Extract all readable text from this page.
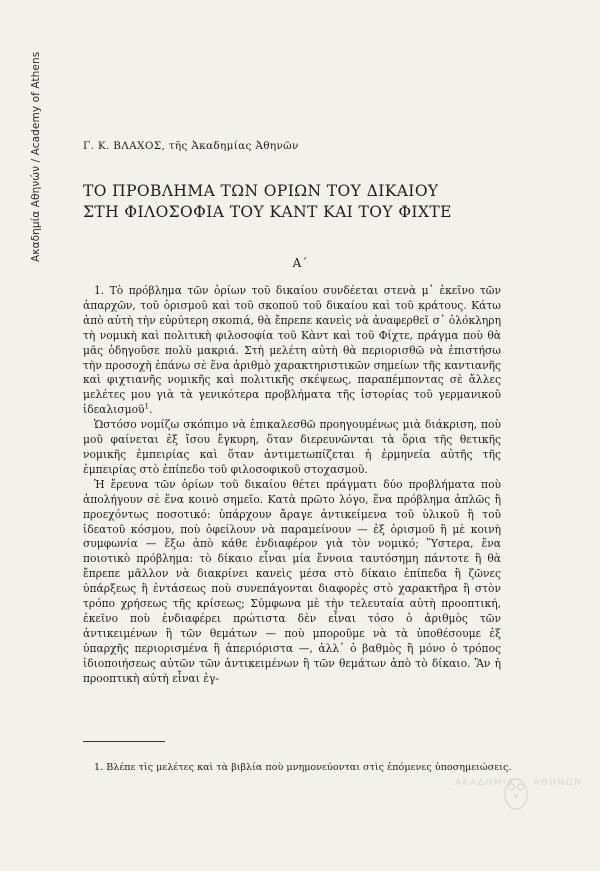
Ακαδημία Αθηνών / Academy of Athens	Γ. Κ. ΒΛΑΧΟΣ, τῆς Ἀκαδημίας Ἀθηνῶν
ΤΟ ΠΡΟΒΛΗΜΑ ΤΩΝ ΟΡΙΩΝ ΤΟΥ ΔΙΚΑΙΟΥ
ΣΤΗ ΦΙΛΟΣΟΦΙΑ ΤΟΥ ΚΑΝΤ ΚΑΙ ΤΟΥ ΦΙΧΤΕ
Α΄

1. Τὸ πρόβλημα τῶν ὁρίων τοῦ δικαίου συνδέεται στενὰ μ᾿ ἐκεῖνο τῶν ἀπαρχῶν, τοῦ ὁρισμοῦ καὶ τοῦ σκοποῦ τοῦ δικαίου καὶ τοῦ κράτους. Κάτω ἀπὸ αὐτὴ τὴν εὐρύτερη σκοπιά, θὰ ἔπρεπε κανεὶς νὰ ἀναφερθεῖ σ᾿ ὁλόκληρη τὴ νομικὴ καὶ πολιτικὴ φιλοσοφία τοῦ Κὰντ καὶ τοῦ Φίχτε, πράγμα ποὺ θὰ μᾶς ὁδηγοῦσε πολὺ μακριά. Στὴ μελέτη αὐτὴ θὰ περιορισθῶ νὰ ἐπιστήσω τὴν προσοχὴ ἐπάνω σὲ ἕνα ἀριθμὸ χαρακτηριστικῶν σημείων τῆς καντιανῆς καὶ φιχτιανῆς νομικῆς καὶ πολιτικῆς σκέψεως, παραπέμποντας σὲ ἄλλες μελέτες μου γιὰ τὰ γενικότερα προβλήματα τῆς ἱστορίας τοῦ γερμανικοῦ ἰδεαλισμοῦ$^1$.

Ὡστόσο νομίζω σκόπιμο νὰ ἐπικαλεσθῶ προηγουμένως μιὰ διάκριση, ποὺ μοῦ φαίνεται ἐξ ἴσου ἔγκυρη, ὅταν διερευνῶνται τὰ ὅρια τῆς θετικῆς νομικῆς ἐμπειρίας καὶ ὅταν ἀντιμετωπίζεται ἡ ἑρμηνεία αὐτῆς τῆς ἐμπειρίας στὸ ἐπίπεδο τοῦ φιλοσοφικοῦ στοχασμοῦ.

Ἡ ἔρευνα τῶν ὁρίων τοῦ δικαίου θέτει πράγματι δύο προβλήματα ποὺ ἀπολήγουν σὲ ἕνα κοινὸ σημεῖο. Κατὰ πρῶτο λόγο, ἕνα πρόβλημα ἁπλῶς ἢ προεχόντως ποσοτικό: ὑπάρχουν ἄραγε ἀντικείμενα τοῦ ὑλικοῦ ἢ τοῦ ἰδεατοῦ κόσμου, ποὺ ὀφείλουν νὰ παραμείνουν — ἐξ ὁρισμοῦ ἢ μὲ κοινὴ συμφωνία — ἔξω ἀπὸ κάθε ἐνδιαφέρον γιὰ τὸν νομικό; Ὕστερα, ἕνα ποιοτικὸ πρόβλημα: τὸ δίκαιο εἶναι μία ἔννοια ταυτόσημη πάντοτε ἢ θὰ ἔπρεπε μᾶλλον νὰ διακρίνει κανεὶς μέσα στὸ δίκαιο ἐπίπεδα ἢ ζῶνες ὑπάρξεως ἢ ἐντάσεως ποὺ συνεπάγονται διαφορὲς στὸ χαρακτῆρα ἢ στὸν τρόπο χρήσεως τῆς κρίσεως; Σύμφωνα μὲ τὴν τελευταία αὐτὴ προοπτική, ἐκεῖνο ποὺ ἐνδιαφέρει πρώτιστα δὲν εἶναι τόσο ὁ ἀριθμὸς τῶν ἀντικειμένων ἢ τῶν θεμάτων — ποὺ μποροῦμε νὰ τὰ ὑποθέσουμε ἐξ ὑπαρχῆς περιορισμένα ἢ ἀπεριόριστα —, ἀλλ᾿ ὁ βαθμὸς ἢ μόνο ὁ τρόπος ἰδιοποιήσεως αὐτῶν τῶν ἀντικειμένων ἢ τῶν θεμάτων ἀπὸ τὸ δίκαιο. Ἂν ἡ προοπτικὴ αὐτὴ εἶναι ἐγ-

1. Βλέπε τὶς μελέτες καὶ τὰ βιβλία ποὺ μνημονεύονται στὶς ἑπόμενες ὑποσημειώσεις.
ΑΚΑΔΗΜΙΑ ΑΘΗΝΩΝ
